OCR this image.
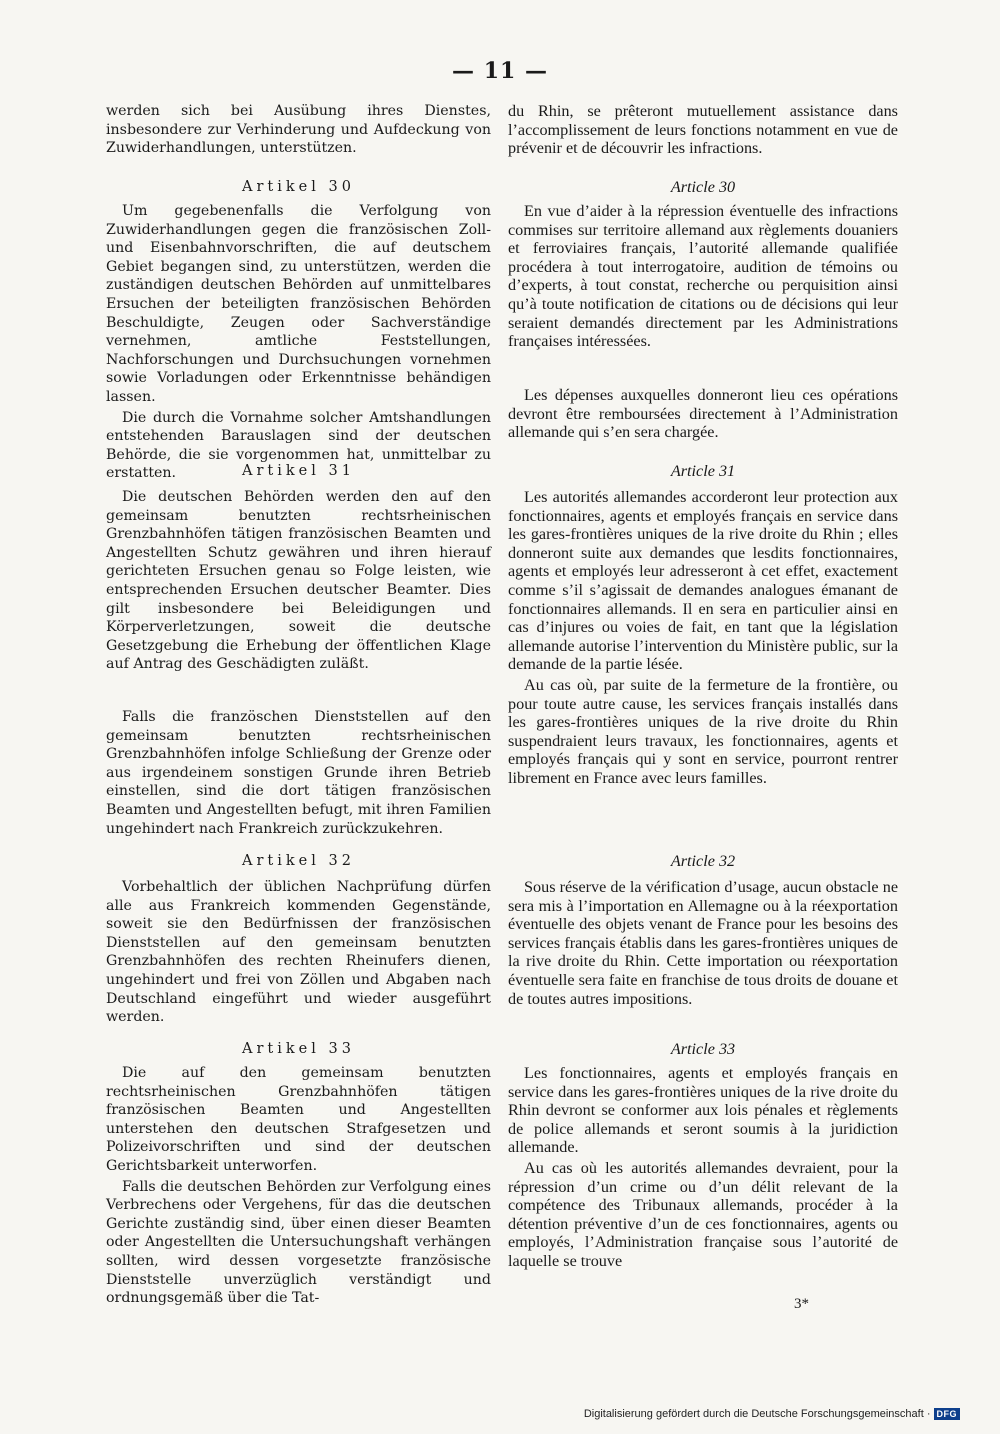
— 11 —

werden sich bei Ausübung ihres Dienstes, insbesondere zur Verhinderung und Aufdeckung von Zuwiderhandlungen, unterstützen.

Artikel 30

Um gegebenenfalls die Verfolgung von Zuwiderhandlungen gegen die französischen Zoll- und Eisenbahnvorschriften, die auf deutschem Gebiet begangen sind, zu unterstützen, werden die zuständigen deutschen Behörden auf unmittelbares Ersuchen der beteiligten französischen Behörden Beschuldigte, Zeugen oder Sachverständige vernehmen, amtliche Feststellungen, Nachforschungen und Durchsuchungen vornehmen sowie Vorladungen oder Erkenntnisse behändigen lassen.

Die durch die Vornahme solcher Amtshandlungen entstehenden Barauslagen sind der deutschen Behörde, die sie vorgenommen hat, unmittelbar zu erstatten.	Artikel 31

Die deutschen Behörden werden den auf den gemeinsam benutzten rechtsrheinischen Grenzbahnhöfen tätigen französischen Beamten und Angestellten Schutz gewähren und ihren hierauf gerichteten Ersuchen genau so Folge leisten, wie entsprechenden Ersuchen deutscher Beamter. Dies gilt insbesondere bei Beleidigungen und Körperverletzungen, soweit die deutsche Gesetzgebung die Erhebung der öffentlichen Klage auf Antrag des Geschädigten zuläßt.

Falls die französchen Dienststellen auf den gemeinsam benutzten rechtsrheinischen Grenzbahnhöfen infolge Schließung der Grenze oder aus irgendeinem sonstigen Grunde ihren Betrieb einstellen, sind die dort tätigen französischen Beamten und Angestellten befugt, mit ihren Familien ungehindert nach Frankreich zurückzukehren.

Artikel 32

Vorbehaltlich der üblichen Nachprüfung dürfen alle aus Frankreich kommenden Gegenstände, soweit sie den Bedürfnissen der französischen Dienststellen auf den gemeinsam benutzten Grenzbahnhöfen des rechten Rheinufers dienen, ungehindert und frei von Zöllen und Abgaben nach Deutschland eingeführt und wieder ausgeführt werden.

Artikel 33

Die auf den gemeinsam benutzten rechtsrheinischen Grenzbahnhöfen tätigen französischen Beamten und Angestellten unterstehen den deutschen Strafgesetzen und Polizeivorschriften und sind der deutschen Gerichtsbarkeit unterworfen.

Falls die deutschen Behörden zur Verfolgung eines Verbrechens oder Vergehens, für das die deutschen Gerichte zuständig sind, über einen dieser Beamten oder Angestellten die Untersuchungshaft verhängen sollten, wird dessen vorgesetzte französische Dienststelle unverzüglich verständigt und ordnungsgemäß über die Tat-

du Rhin, se prêteront mutuellement assistance dans l’accomplissement de leurs fonctions notamment en vue de prévenir et de découvrir les infractions.

Article 30

En vue d’aider à la répression éventuelle des infractions commises sur territoire allemand aux règlements douaniers et ferroviaires français, l’autorité allemande qualifiée procédera à tout interrogatoire, audition de témoins ou d’experts, à tout constat, recherche ou perquisition ainsi qu’à toute notification de citations ou de décisions qui leur seraient demandés directement par les Administrations françaises intéressées.

Les dépenses auxquelles donneront lieu ces opérations devront être remboursées directement à l’Administration allemande qui s’en sera chargée.

Article 31

Les autorités allemandes accorderont leur protection aux fonctionnaires, agents et employés français en service dans les gares-frontières uniques de la rive droite du Rhin ; elles donneront suite aux demandes que lesdits fonctionnaires, agents et employés leur adresseront à cet effet, exactement comme s’il s’agissait de demandes analogues émanant de fonctionnaires allemands. Il en sera en particulier ainsi en cas d’injures ou voies de fait, en tant que la législation allemande autorise l’intervention du Ministère public, sur la demande de la partie lésée.

Au cas où, par suite de la fermeture de la frontière, ou pour toute autre cause, les services français installés dans les gares-frontières uniques de la rive droite du Rhin suspendraient leurs travaux, les fonctionnaires, agents et employés français qui y sont en service, pourront rentrer librement en France avec leurs familles.

Article 32

Sous réserve de la vérification d’usage, aucun obstacle ne sera mis à l’importation en Allemagne ou à la réexportation éventuelle des objets venant de France pour les besoins des services français établis dans les gares-frontières uniques de la rive droite du Rhin. Cette importation ou réexportation éventuelle sera faite en franchise de tous droits de douane et de toutes autres impositions.

Article 33

Les fonctionnaires, agents et employés français en service dans les gares-frontières uniques de la rive droite du Rhin devront se conformer aux lois pénales et règlements de police allemands et seront soumis à la juridiction allemande.

Au cas où les autorités allemandes devraient, pour la répression d’un crime ou d’un délit relevant de la compétence des Tribunaux allemands, procéder à la détention préventive d’un de ces fonctionnaires, agents ou employés, l’Administration française sous l’autorité de laquelle se trouve

3*
Digitalisierung gefördert durch die Deutsche Forschungsgemeinschaft · DFG
